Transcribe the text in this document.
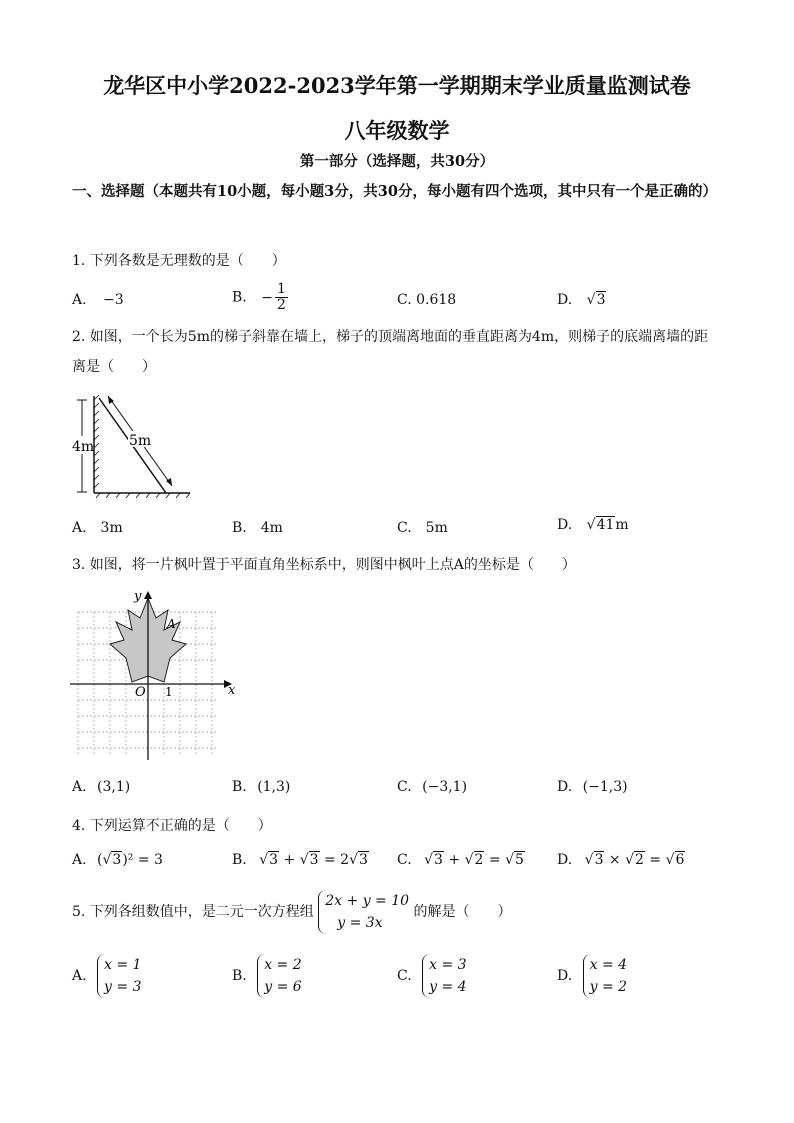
龙华区中小学2022-2023学年第一学期期末学业质量监测试卷
八年级数学
第一部分（选择题，共30分）
一、选择题（本题共有10小题，每小题3分，共30分，每小题有四个选项，其中只有一个是正确的）
1. 下列各数是无理数的是（　　）
A. −3	B. − $\frac{1}{2}$	C. 0.618	D. √3
2. 如图，一个长为5m的梯子斜靠在墙上，梯子的顶端离地面的垂直距离为4m，则梯子的底端离墙的距
离是（　　）
4m 5m
A.　3m	B.　4m	C.　5m	D. √41m
3. 如图，将一片枫叶置于平面直角坐标系中，则图中枫叶上点A的坐标是（　　）
y
x
O 1
A
A. (3,1)	B. (1,3)	C. (−3,1)	D. (−1,3)
4. 下列运算不正确的是（　　）
A. (√3)² = 3	B. √3 + √3 = 2√3 C. √3 + √2 = √5 D. √3 × √2 = √6
5. 下列各组数值中，是二元一次方程组
2x + y = 10
y = 3x
的解是（　　）
A.
x = 1
y = 3
B.
x = 2
y = 6
C.
x = 3
y = 4
D.
x = 4
y = 2
